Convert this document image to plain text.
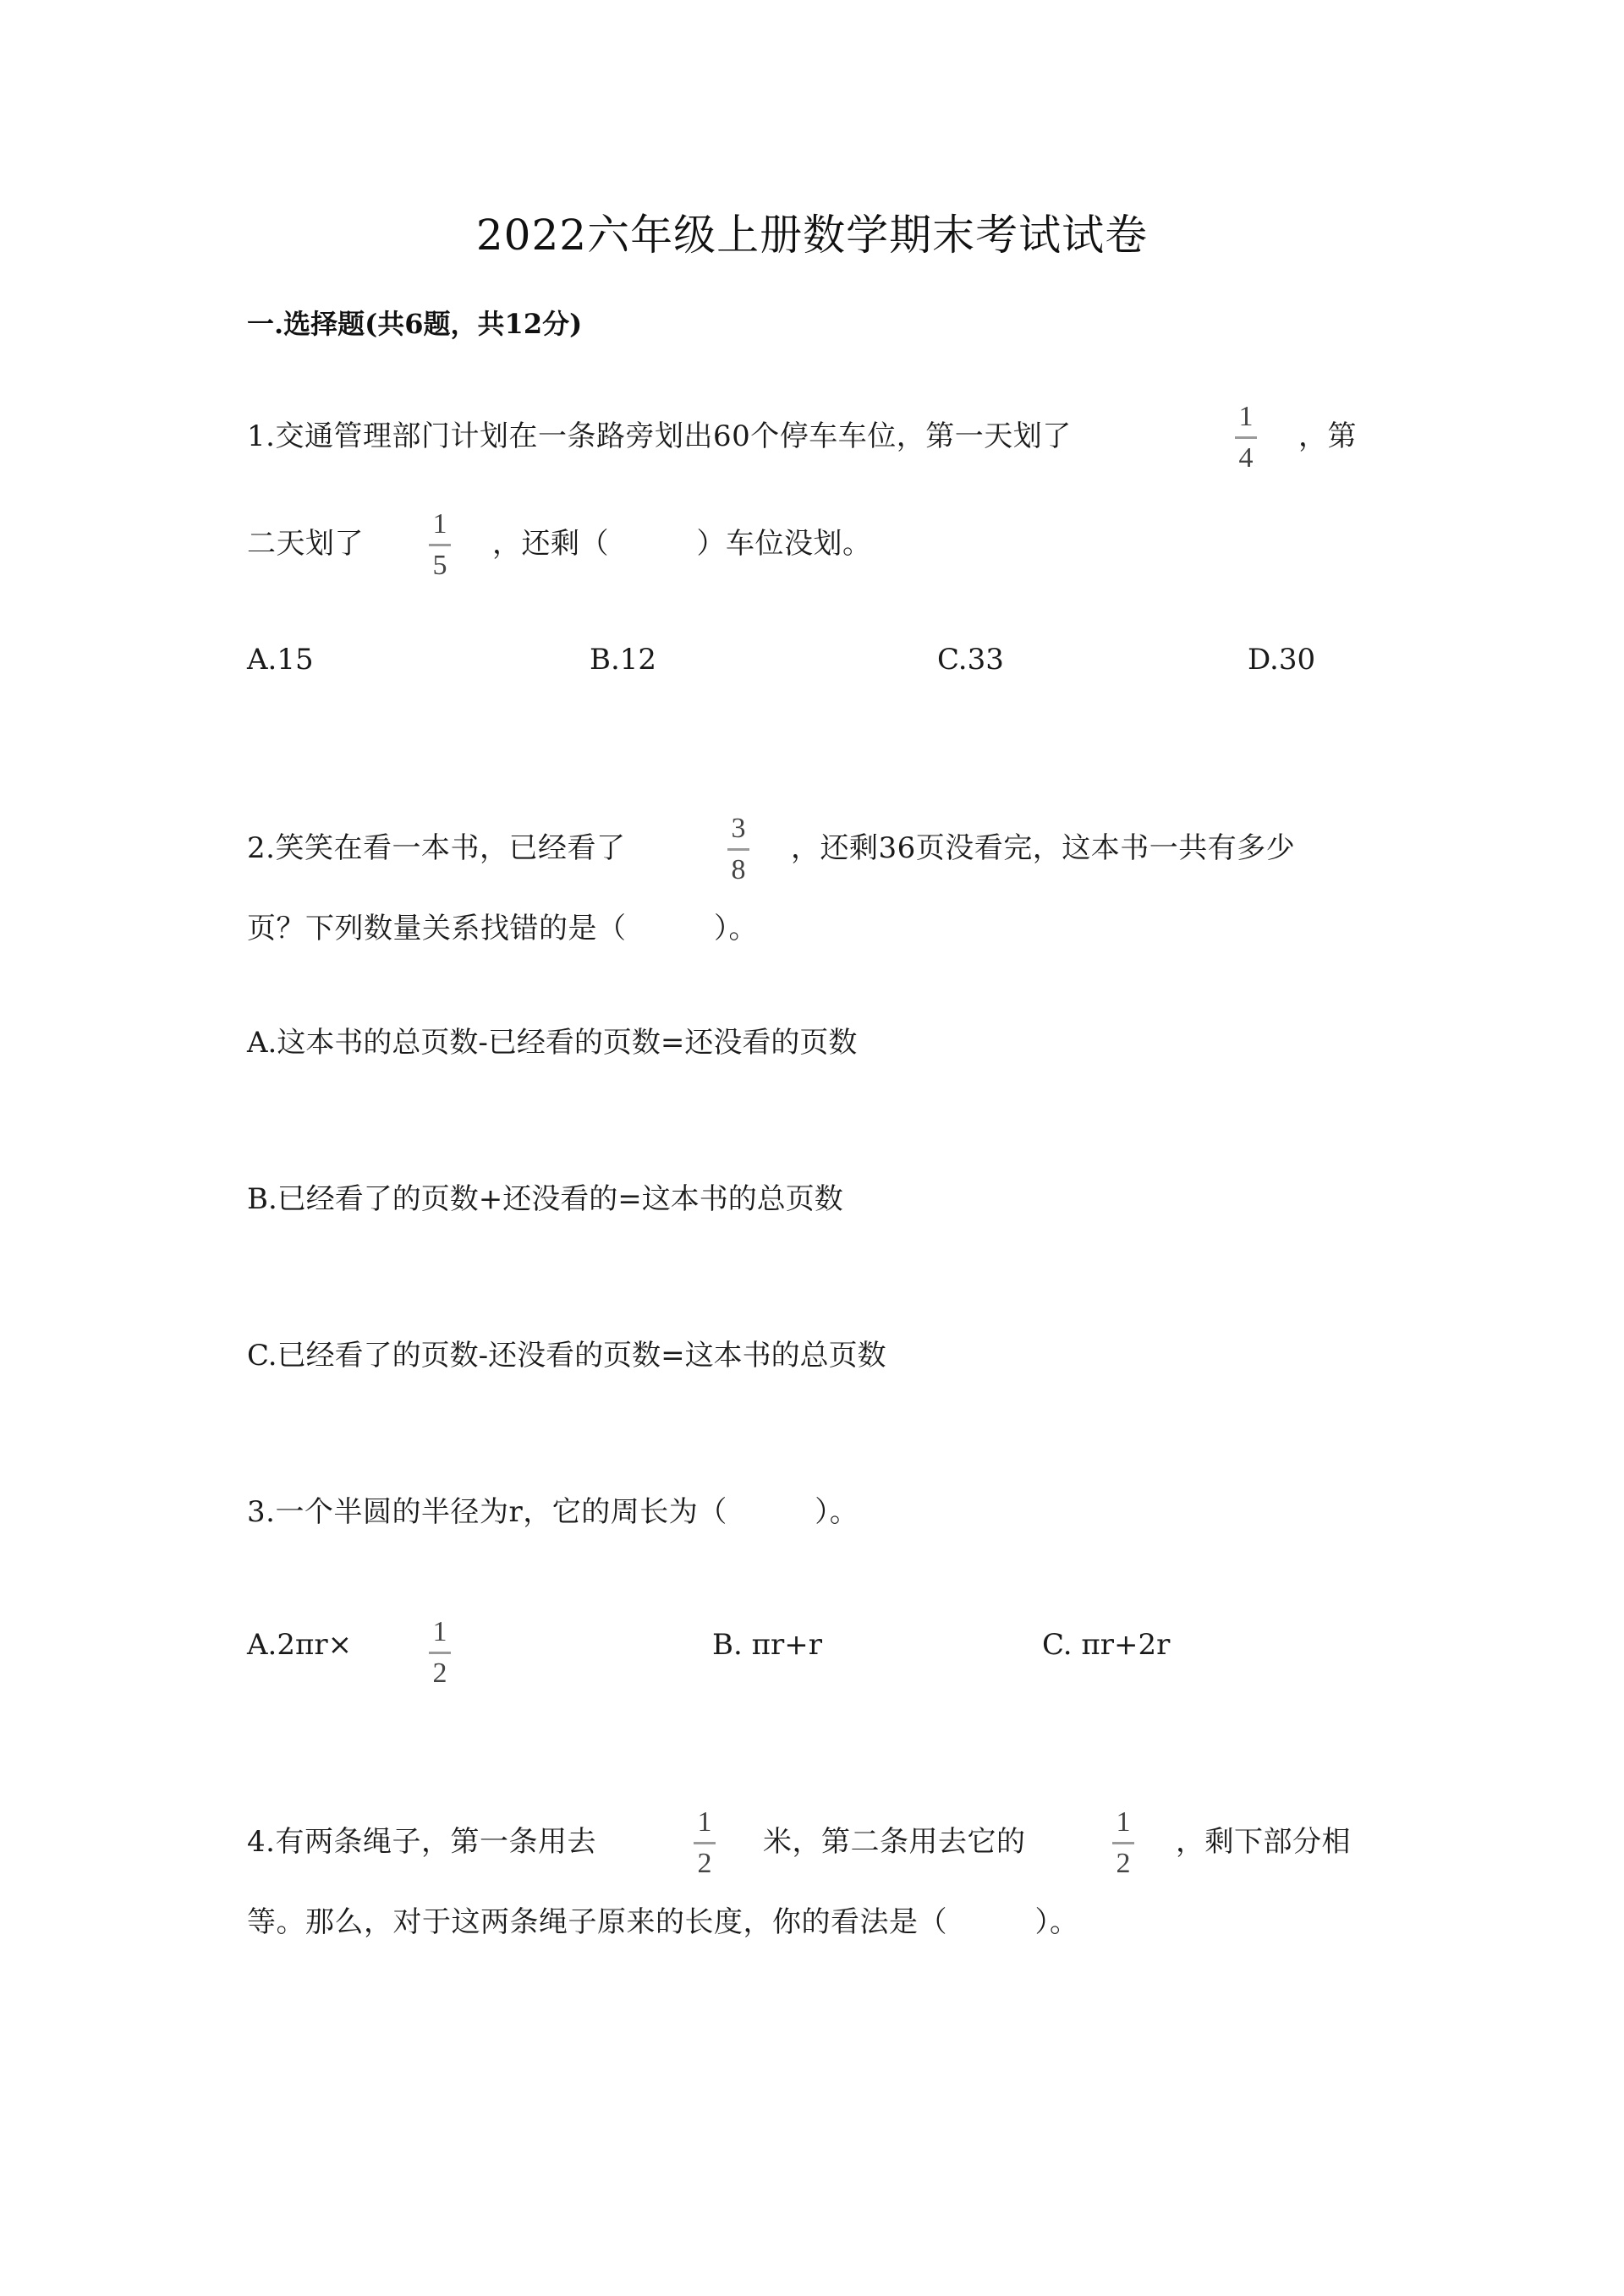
2022六年级上册数学期末考试试卷
一.选择题(共6题，共12分)
1.交通管理部门计划在一条路旁划出60个停车车位，第一天划了
1
4
，第
二天划了
1
5
，还剩（　　　）车位没划。
A.15	B.12	C.33	D.30
2.笑笑在看一本书，已经看了
3
8
，还剩36页没看完，这本书一共有多少
页？下列数量关系找错的是（　　　）。
A.这本书的总页数-已经看的页数=还没看的页数
B.已经看了的页数+还没看的=这本书的总页数
C.已经看了的页数-还没看的页数=这本书的总页数
3.一个半圆的半径为r，它的周长为（　　　）。
A.2πr×	1
2
B. πr+r	C. πr+2r
4.有两条绳子，第一条用去
1
2
米，第二条用去它的
1
2
，剩下部分相
等。那么，对于这两条绳子原来的长度，你的看法是（　　　）。
